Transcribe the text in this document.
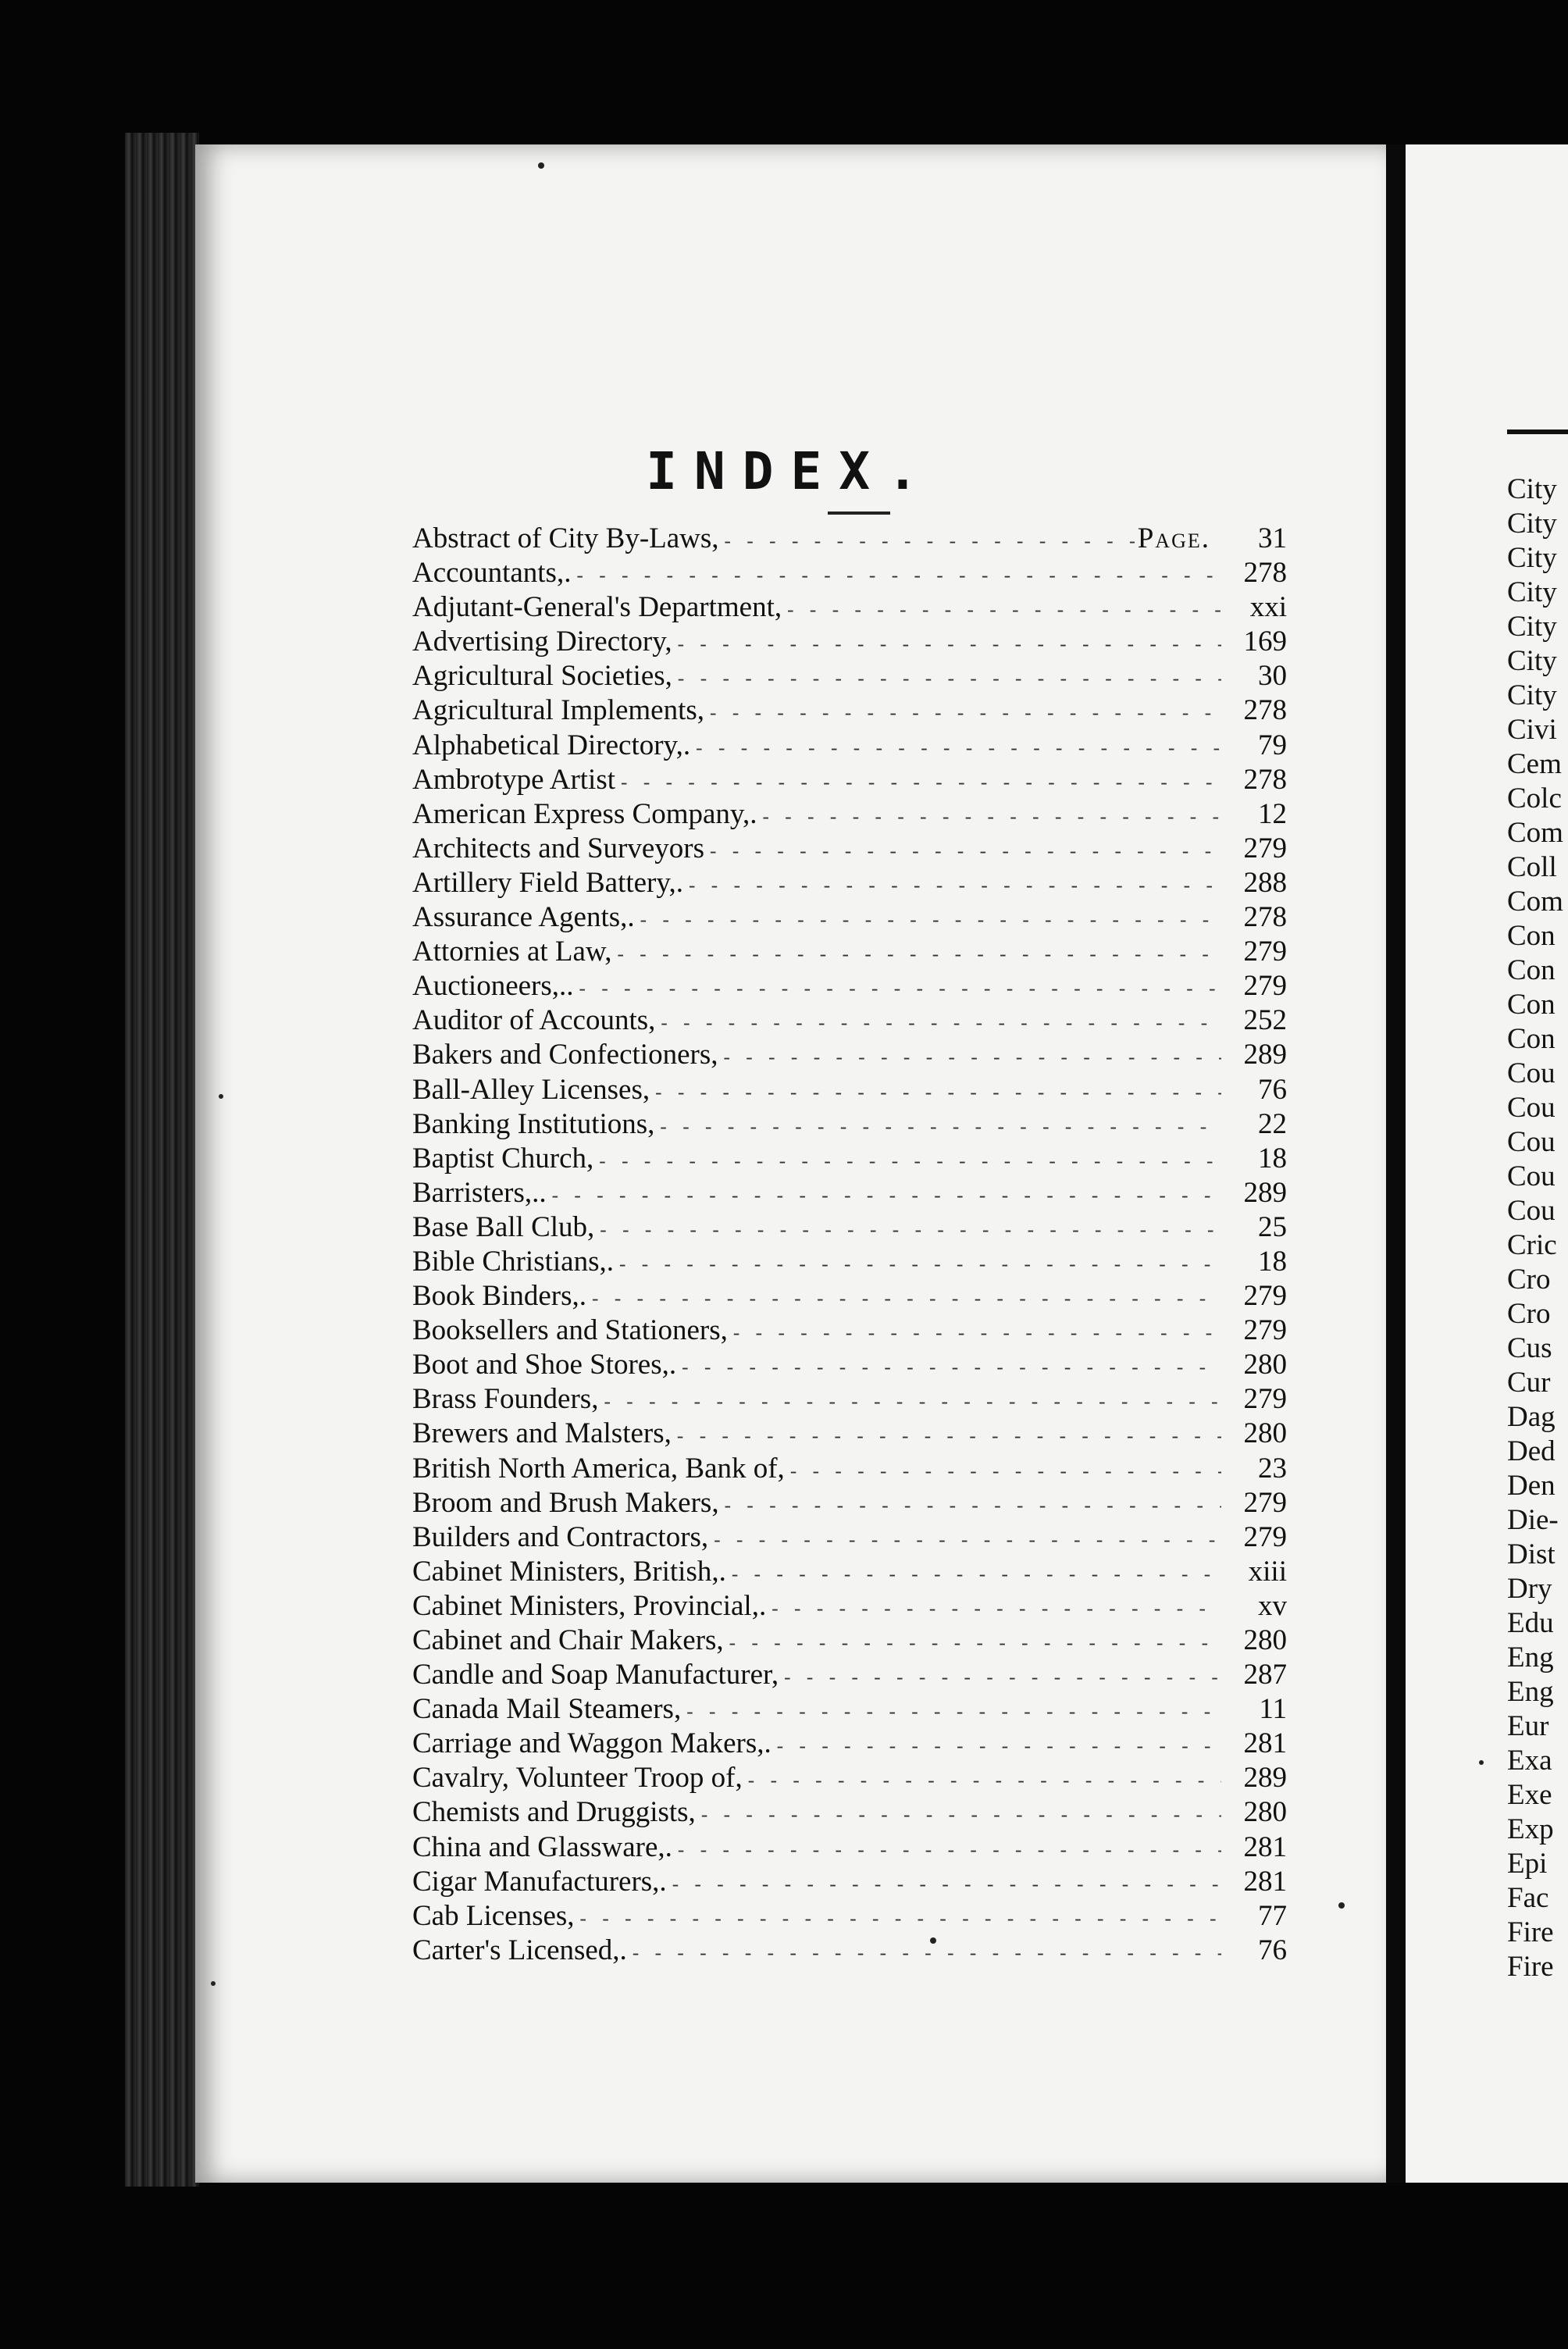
City
City
City
City
City
City
City
Civi
Cem
Colc
Com
Coll
Com
Con
Con
Con
Con
Cou
Cou
Cou
Cou
Cou
Cric
Cro
Cro
Cus
Cur
Dag
Ded
Den
Die-
Dist
Dry
Edu
Eng
Eng
Eur
Exa
Exe
Exp
Epi
Fac
Fire
Fire
INDEX.
Abstract of City By-Laws, - - -	Page.	31
Accountants,. - - -	278
Adjutant-General's Department, - - -	xxi
Advertising Directory, - - -	169
Agricultural Societies, - - -	30
Agricultural Implements, - - -	278
Alphabetical Directory,. - - -	79
Ambrotype Artist - - -	278
American Express Company,. - - -	12
Architects and Surveyors - - -	279
Artillery Field Battery,. - - -	288
Assurance Agents,. - - -	278
Attornies at Law, - - -	279
Auctioneers,.. - - -	279
Auditor of Accounts, - - -	252
Bakers and Confectioners, - - -	289
Ball-Alley Licenses, - - -	76
Banking Institutions, - - -	22
Baptist Church, - - -	18
Barristers,.. - - -	289
Base Ball Club, - - -	25
Bible Christians,. - - -	18
Book Binders,. - - -	279
Booksellers and Stationers, - - -	279
Boot and Shoe Stores,. - - -	280
Brass Founders, - - -	279
Brewers and Malsters, - - -	280
British North America, Bank of, - - -	23
Broom and Brush Makers, - - -	279
Builders and Contractors, - - -	279
Cabinet Ministers, British,. - - -	xiii
Cabinet Ministers, Provincial,. - - -	xv
Cabinet and Chair Makers, - - -	280
Candle and Soap Manufacturer, - - -	287
Canada Mail Steamers, - - -	11
Carriage and Waggon Makers,. - - -	281
Cavalry, Volunteer Troop of, - - -	289
Chemists and Druggists, - - -	280
China and Glassware,. - - -	281
Cigar Manufacturers,. - - -	281
Cab Licenses, - - -	77
Carter's Licensed,. - - -	76
